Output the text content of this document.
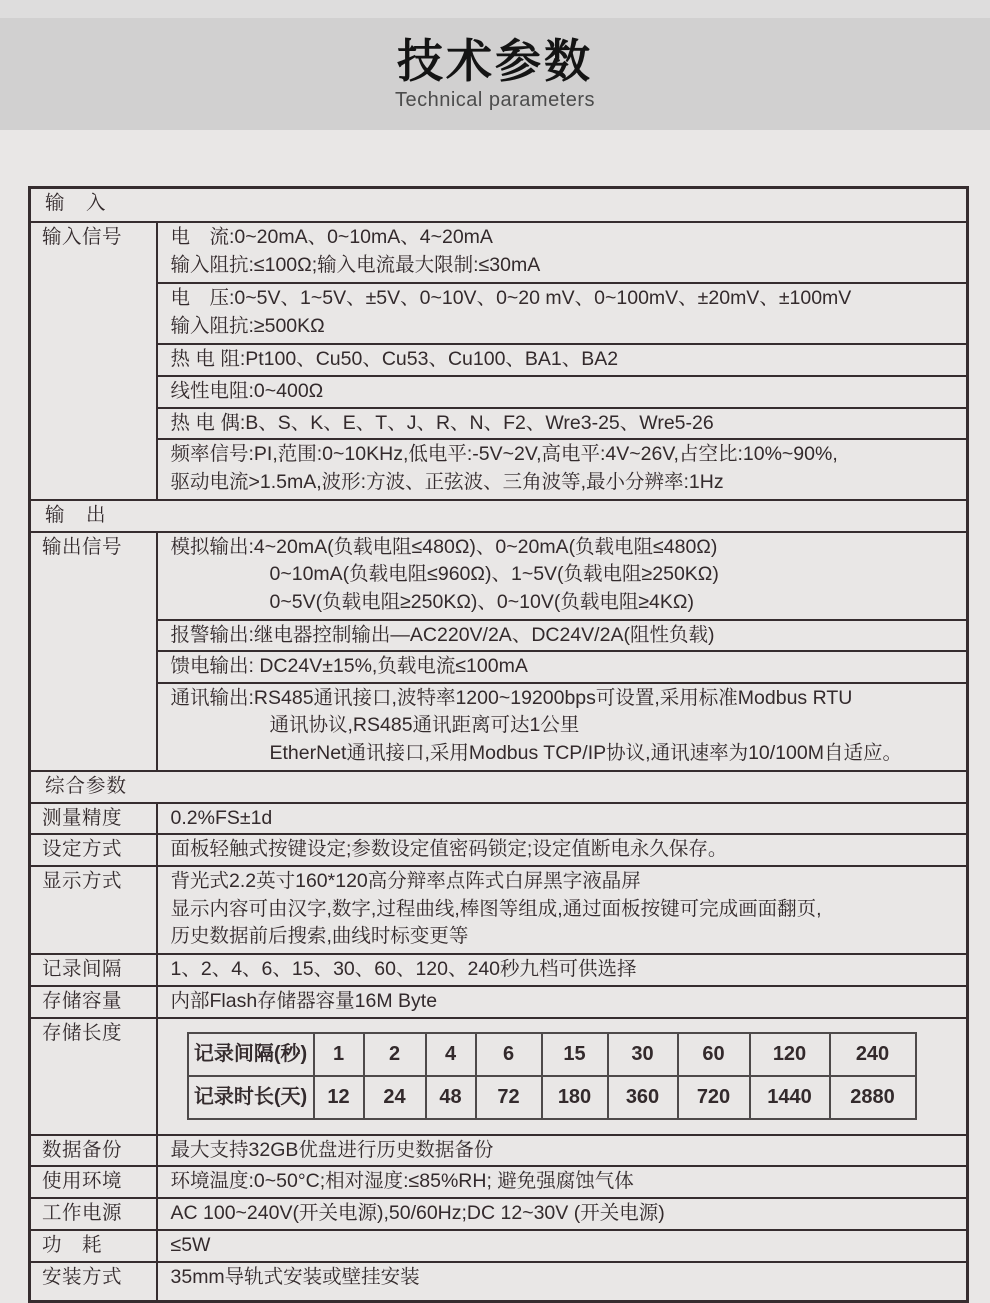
技术参数
Technical parameters
输　入
输入信号	电　流:0~20mA、0~10mA、4~20mA
输入阻抗:≤100Ω;输入电流最大限制:≤30mA

电　压:0~5V、1~5V、±5V、0~10V、0~20 mV、0~100mV、±20mV、±100mV
输入阻抗:≥500KΩ

热 电 阻:Pt100、Cu50、Cu53、Cu100、BA1、BA2

线性电阻:0~400Ω

热 电 偶:B、S、K、E、T、J、R、N、F2、Wre3-25、Wre5-26

频率信号:PI,范围:0~10KHz,低电平:-5V~2V,高电平:4V~26V,占空比:10%~90%,
驱动电流>1.5mA,波形:方波、正弦波、三角波等,最小分辨率:1Hz

输　出
输出信号	模拟输出:4~20mA(负载电阻≤480Ω)、0~20mA(负载电阻≤480Ω)
0~10mA(负载电阻≤960Ω)、1~5V(负载电阻≥250KΩ)
0~5V(负载电阻≥250KΩ)、0~10V(负载电阻≥4KΩ)

报警输出:继电器控制输出—AC220V/2A、DC24V/2A(阻性负载)

馈电输出: DC24V±15%,负载电流≤100mA

通讯输出:RS485通讯接口,波特率1200~19200bps可设置,采用标准Modbus RTU
通讯协议,RS485通讯距离可达1公里
EtherNet通讯接口,采用Modbus TCP/IP协议,通讯速率为10/100M自适应。

综合参数
测量精度	0.2%FS±1d

设定方式	面板轻触式按键设定;参数设定值密码锁定;设定值断电永久保存。

显示方式	背光式2.2英寸160*120高分辩率点阵式白屏黑字液晶屏
显示内容可由汉字,数字,过程曲线,棒图等组成,通过面板按键可完成画面翻页,
历史数据前后搜索,曲线时标变更等

记录间隔	1、2、4、6、15、30、60、120、240秒九档可供选择

存储容量	内部Flash存储器容量16M Byte

存储长度	
记录间隔(秒)	1	2	4	6	15	30	60	120	240
记录时长(天)	12	24	48	72	180	360	720	1440	2880

数据备份	最大支持32GB优盘进行历史数据备份

使用环境	环境温度:0~50°C;相对湿度:≤85%RH; 避免强腐蚀气体

工作电源	AC 100~240V(开关电源),50/60Hz;DC 12~30V (开关电源)

功　耗	≤5W

安装方式	35mm导轨式安装或壁挂安装
